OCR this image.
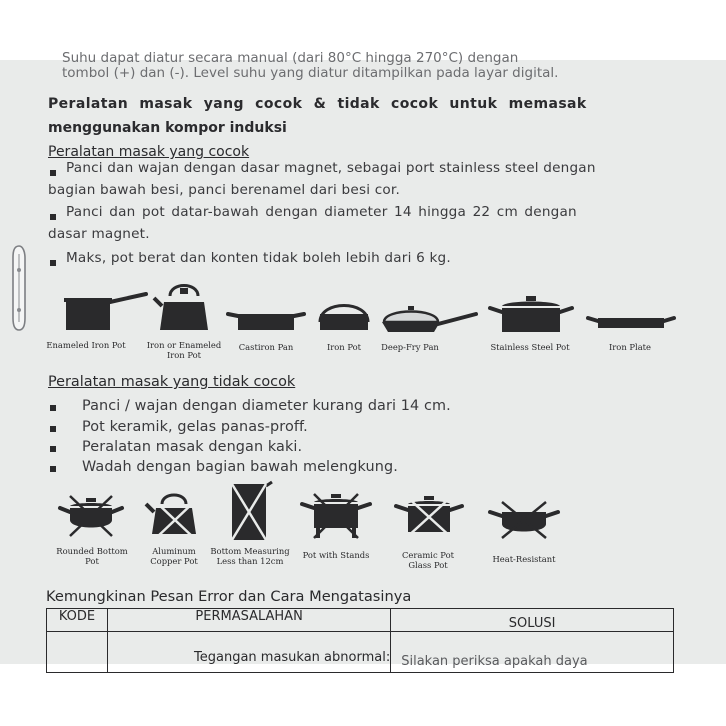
Suhu dapat diatur secara manual (dari 80°C hingga 270°C) dengan
tombol (+) dan (-). Level suhu yang diatur ditampilkan pada layar digital.
Peralatan masak yang cocok & tidak cocok untuk memasak
menggunakan kompor induksi
Peralatan masak yang cocok
Panci dan wajan dengan dasar magnet, sebagai port stainless steel dengan
bagian bawah besi, panci berenamel dari besi cor.
Panci dan pot datar-bawah dengan diameter 14 hingga 22 cm dengan
dasar magnet.
Maks, pot berat dan konten tidak boleh lebih dari 6 kg.
Enameled Iron Pot	Iron or Enameled Iron Pot
Castiron Pan	Iron Pot	Deep-Fry Pan	Stainless Steel Pot	Iron Plate
Peralatan masak yang tidak cocok
Panci / wajan dengan diameter kurang dari 14 cm.
Pot keramik, gelas panas-proff.
Peralatan masak dengan kaki.
Wadah dengan bagian bawah melengkung.
Rounded Bottom Pot
Aluminum Copper Pot
Bottom Measuring Less than 12cm
Pot with Stands	Ceramic Pot Glass Pot
Heat-Resistant
Kemungkinan Pesan Error dan Cara Mengatasinya
KODE	PERMASALAHAN	SOLUSI
	Tegangan masukan abnormal:	Silakan periksa apakah daya
